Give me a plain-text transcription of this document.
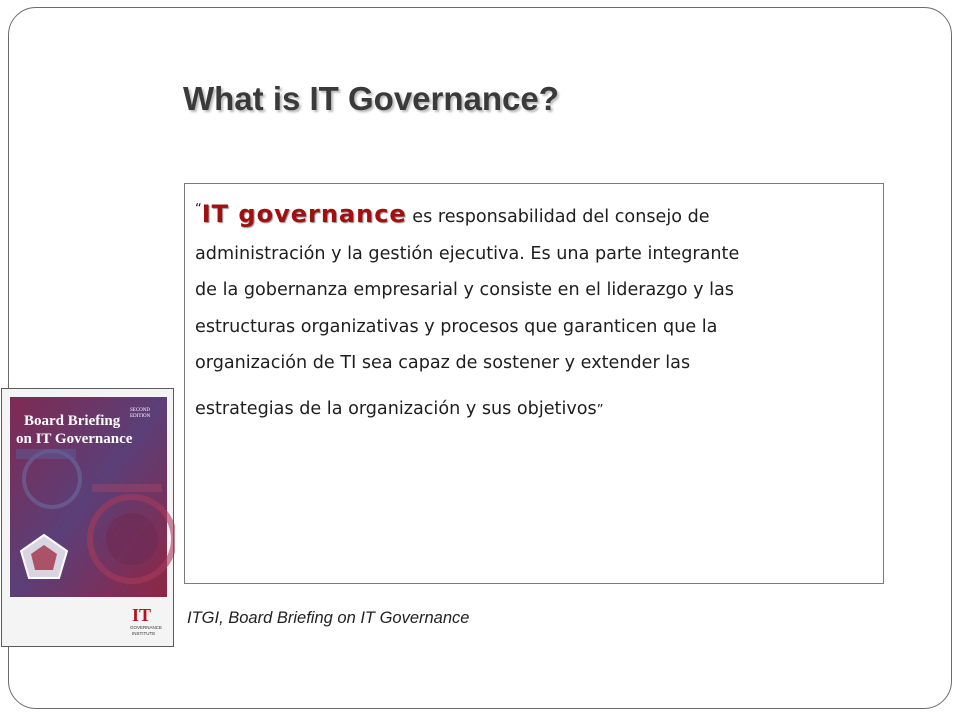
What is IT Governance?
“IT governance es responsabilidad del consejo de
administración y la gestión ejecutiva. Es una parte integrante
de la gobernanza empresarial y consiste en el liderazgo y las
estructuras organizativas y procesos que garanticen que la
organización de TI sea capaz de sostener y extender las
estrategias de la organización y sus objetivos”
ITGI, Board Briefing on IT Governance
Board Briefing
on IT Governance
SECOND
EDITION
IT
GOVERNANCE
INSTITUTE
